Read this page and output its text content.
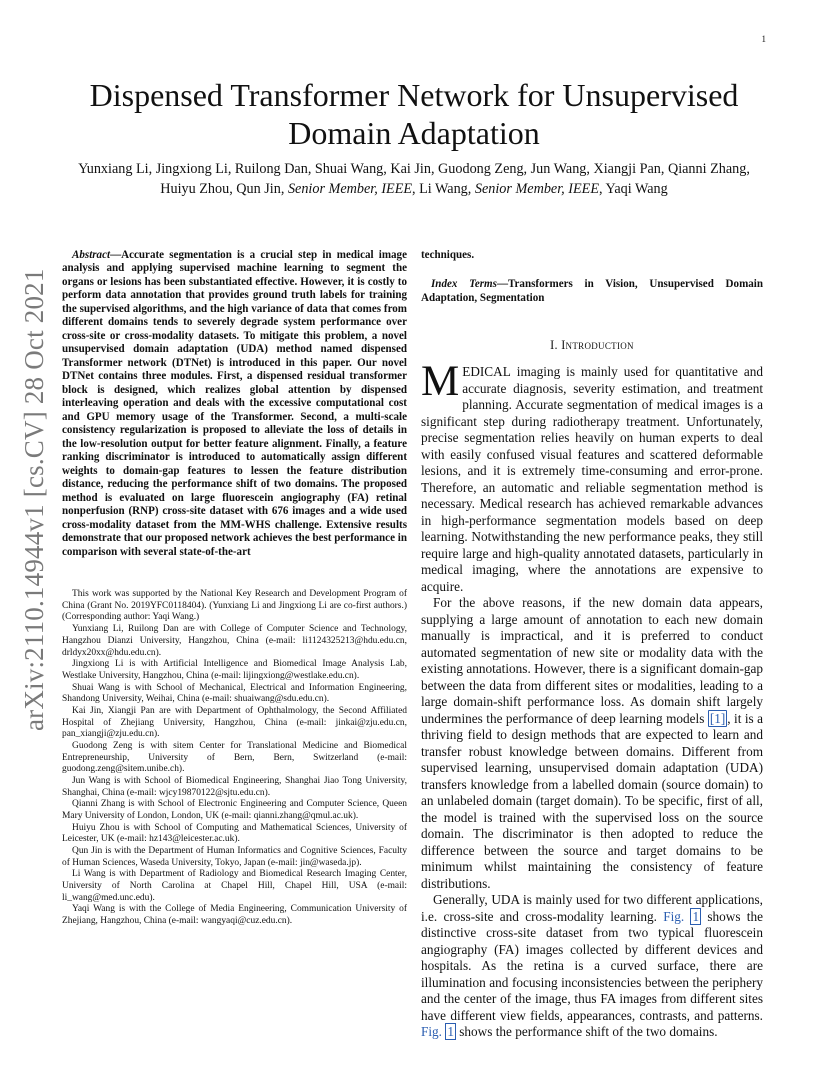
1
arXiv:2110.14944v1 [cs.CV] 28 Oct 2021
Dispensed Transformer Network for Unsupervised Domain Adaptation
Yunxiang Li, Jingxiong Li, Ruilong Dan, Shuai Wang, Kai Jin, Guodong Zeng, Jun Wang, Xiangji Pan, Qianni Zhang, Huiyu Zhou, Qun Jin, Senior Member, IEEE, Li Wang, Senior Member, IEEE, Yaqi Wang

Abstract—Accurate segmentation is a crucial step in medical image analysis and applying supervised machine learning to segment the organs or lesions has been substantiated effective. However, it is costly to perform data annotation that provides ground truth labels for training the supervised algorithms, and the high variance of data that comes from different domains tends to severely degrade system performance over cross-site or cross-modality datasets. To mitigate this problem, a novel unsupervised domain adaptation (UDA) method named dispensed Transformer network (DTNet) is introduced in this paper. Our novel DTNet contains three modules. First, a dispensed residual transformer block is designed, which realizes global attention by dispensed interleaving operation and deals with the excessive computational cost and GPU memory usage of the Transformer. Second, a multi-scale consistency regularization is proposed to alleviate the loss of details in the low-resolution output for better feature alignment. Finally, a feature ranking discriminator is introduced to automatically assign different weights to domain-gap features to lessen the feature distribution distance, reducing the performance shift of two domains. The proposed method is evaluated on large fluorescein angiography (FA) retinal nonperfusion (RNP) cross-site dataset with 676 images and a wide used cross-modality dataset from the MM-WHS challenge. Extensive results demonstrate that our proposed network achieves the best performance in comparison with several state-of-the-art

This work was supported by the National Key Research and Development Program of China (Grant No. 2019YFC0118404). (Yunxiang Li and Jingxiong Li are co-first authors.) (Corresponding author: Yaqi Wang.)

Yunxiang Li, Ruilong Dan are with College of Computer Science and Technology, Hangzhou Dianzi University, Hangzhou, China (e-mail: li1124325213@hdu.edu.cn, drldyx20xx@hdu.edu.cn).

Jingxiong Li is with Artificial Intelligence and Biomedical Image Analysis Lab, Westlake University, Hangzhou, China (e-mail: lijingxiong@westlake.edu.cn).

Shuai Wang is with School of Mechanical, Electrical and Information Engineering, Shandong University, Weihai, China (e-mail: shuaiwang@sdu.edu.cn).

Kai Jin, Xiangji Pan are with Department of Ophthalmology, the Second Affiliated Hospital of Zhejiang University, Hangzhou, China (e-mail: jinkai@zju.edu.cn, pan_xiangji@zju.edu.cn).

Guodong Zeng is with sitem Center for Translational Medicine and Biomedical Entrepreneurship, University of Bern, Bern, Switzerland (e-mail: guodong.zeng@sitem.unibe.ch).

Jun Wang is with School of Biomedical Engineering, Shanghai Jiao Tong University, Shanghai, China (e-mail: wjcy19870122@sjtu.edu.cn).

Qianni Zhang is with School of Electronic Engineering and Computer Science, Queen Mary University of London, London, UK (e-mail: qianni.zhang@qmul.ac.uk).

Huiyu Zhou is with School of Computing and Mathematical Sciences, University of Leicester, UK (e-mail: hz143@leicester.ac.uk).

Qun Jin is with the Department of Human Informatics and Cognitive Sciences, Faculty of Human Sciences, Waseda University, Tokyo, Japan (e-mail: jin@waseda.jp).

Li Wang is with Department of Radiology and Biomedical Research Imaging Center, University of North Carolina at Chapel Hill, Chapel Hill, USA (e-mail: li_wang@med.unc.edu).

Yaqi Wang is with the College of Media Engineering, Communication University of Zhejiang, Hangzhou, China (e-mail: wangyaqi@cuz.edu.cn).

techniques.

Index Terms—Transformers in Vision, Unsupervised Domain Adaptation, Segmentation

I. Introduction

MEDICAL imaging is mainly used for quantitative and accurate diagnosis, severity estimation, and treatment planning. Accurate segmentation of medical images is a significant step during radiotherapy treatment. Unfortunately, precise segmentation relies heavily on human experts to deal with easily confused visual features and scattered deformable lesions, and it is extremely time-consuming and error-prone. Therefore, an automatic and reliable segmentation method is necessary. Medical research has achieved remarkable advances in high-performance segmentation models based on deep learning. Notwithstanding the new performance peaks, they still require large and high-quality annotated datasets, particularly in medical imaging, where the annotations are expensive to acquire.

For the above reasons, if the new domain data appears, supplying a large amount of annotation to each new domain manually is impractical, and it is preferred to conduct automated segmentation of new site or modality data with the existing annotations. However, there is a significant domain-gap between the data from different sites or modalities, leading to a large domain-shift performance loss. As domain shift largely undermines the performance of deep learning models [1] , it is a thriving field to design methods that are expected to learn and transfer robust knowledge between domains. Different from supervised learning, unsupervised domain adaptation (UDA) transfers knowledge from a labelled domain (source domain) to an unlabeled domain (target domain). To be specific, first of all, the model is trained with the supervised loss on the source domain. The discriminator is then adopted to reduce the difference between the source and target domains to be minimum whilst maintaining the consistency of feature distributions.

Generally, UDA is mainly used for two different applications, i.e. cross-site and cross-modality learning. Fig. 1 shows the distinctive cross-site dataset from two typical fluorescein angiography (FA) images collected by different devices and hospitals. As the retina is a curved surface, there are illumination and focusing inconsistencies between the periphery and the center of the image, thus FA images from different sites have different view fields, appearances, contrasts, and patterns. Fig. 1 shows the performance shift of the two domains.
